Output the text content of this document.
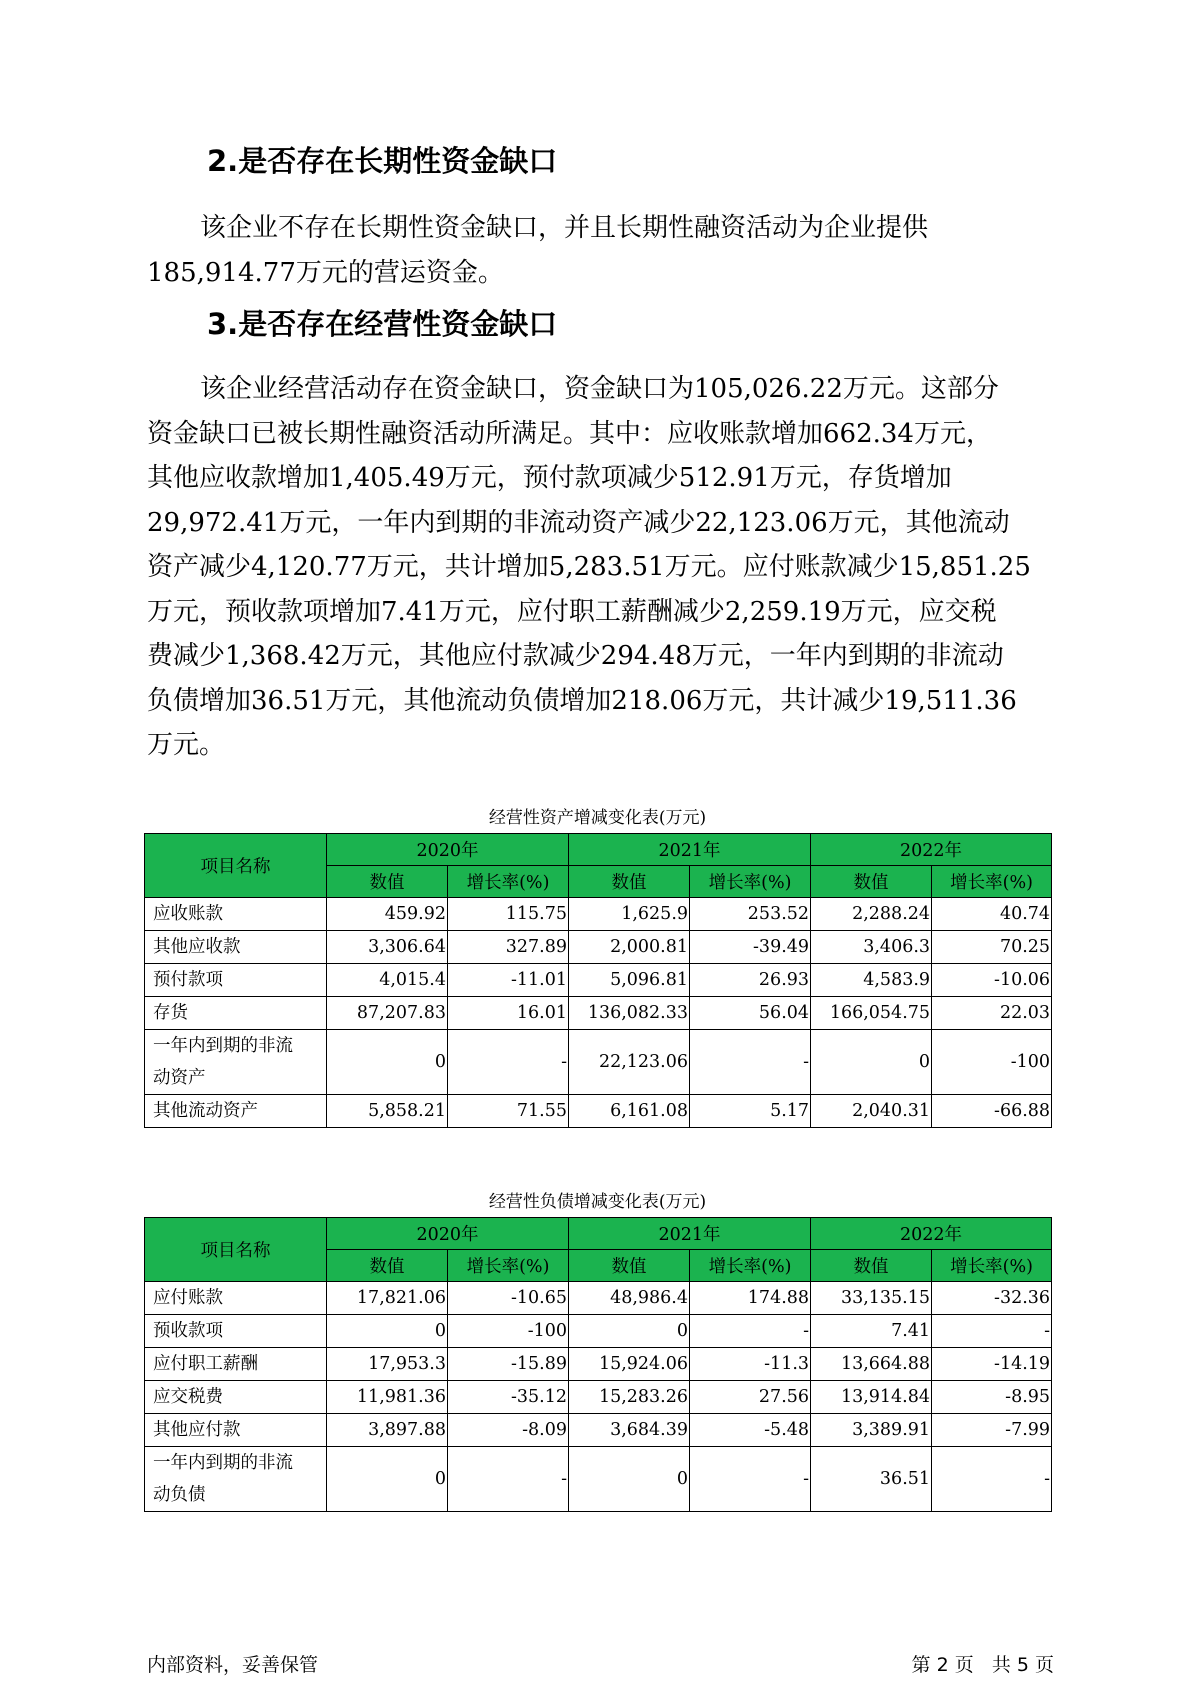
2.是否存在长期性资金缺口
该企业不存在长期性资金缺口，并且长期性融资活动为企业提供
185,914.77万元的营运资金。
3.是否存在经营性资金缺口
该企业经营活动存在资金缺口，资金缺口为105,026.22万元。这部分
资金缺口已被长期性融资活动所满足。其中：应收账款增加662.34万元，
其他应收款增加1,405.49万元，预付款项减少512.91万元，存货增加
29,972.41万元，一年内到期的非流动资产减少22,123.06万元，其他流动
资产减少4,120.77万元，共计增加5,283.51万元。应付账款减少15,851.25
万元，预收款项增加7.41万元，应付职工薪酬减少2,259.19万元，应交税
费减少1,368.42万元，其他应付款减少294.48万元，一年内到期的非流动
负债增加36.51万元，其他流动负债增加218.06万元，共计减少19,511.36
万元。

经营性资产增减变化表(万元)

项目名称	2020年		2021年		2022年	
	数值	增长率(%)	数值	增长率(%)	数值	增长率(%)

应收账款	459.92	115.75	1,625.9	253.52	2,288.24	40.74

其他应收款	3,306.64	327.89	2,000.81	-39.49	3,406.3	70.25

预付款项	4,015.4	-11.01	5,096.81	26.93	4,583.9	-10.06

存货	87,207.83	16.01	136,082.33	56.04	166,054.75	22.03

一年内到期的非流
动资产	0	-	22,123.06	-	0	-100

其他流动资产	5,858.21	71.55	6,161.08	5.17	2,040.31	-66.88

经营性负债增减变化表(万元)

项目名称	2020年		2021年		2022年	
	数值	增长率(%)	数值	增长率(%)	数值	增长率(%)

应付账款	17,821.06	-10.65	48,986.4	174.88	33,135.15	-32.36

预收款项	0	-100	0	-	7.41	-

应付职工薪酬	17,953.3	-15.89	15,924.06	-11.3	13,664.88	-14.19

应交税费	11,981.36	-35.12	15,283.26	27.56	13,914.84	-8.95

其他应付款	3,897.88	-8.09	3,684.39	-5.48	3,389.91	-7.99

一年内到期的非流
动负债	0	-	0	-	36.51	-

内部资料，妥善保管	第 2 页   共 5 页
